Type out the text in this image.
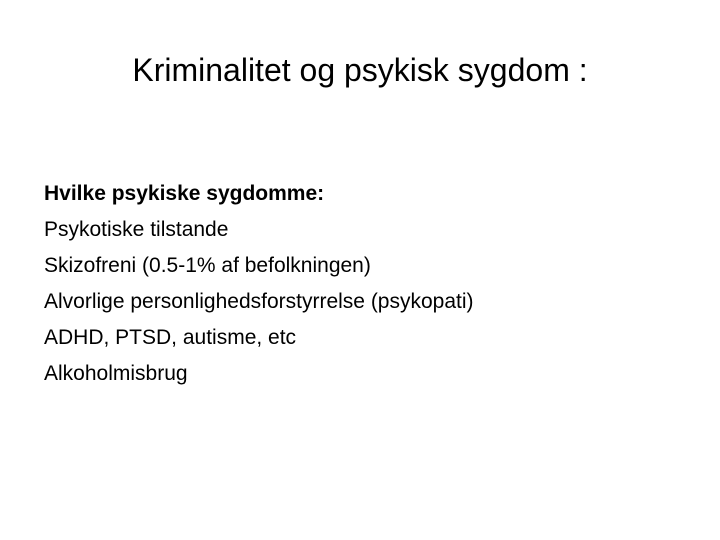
Kriminalitet og psykisk sygdom :
Hvilke psykiske sygdomme:
Psykotiske tilstande
Skizofreni (0.5-1% af befolkningen)
Alvorlige personlighedsforstyrrelse (psykopati)
ADHD, PTSD, autisme, etc
Alkoholmisbrug
